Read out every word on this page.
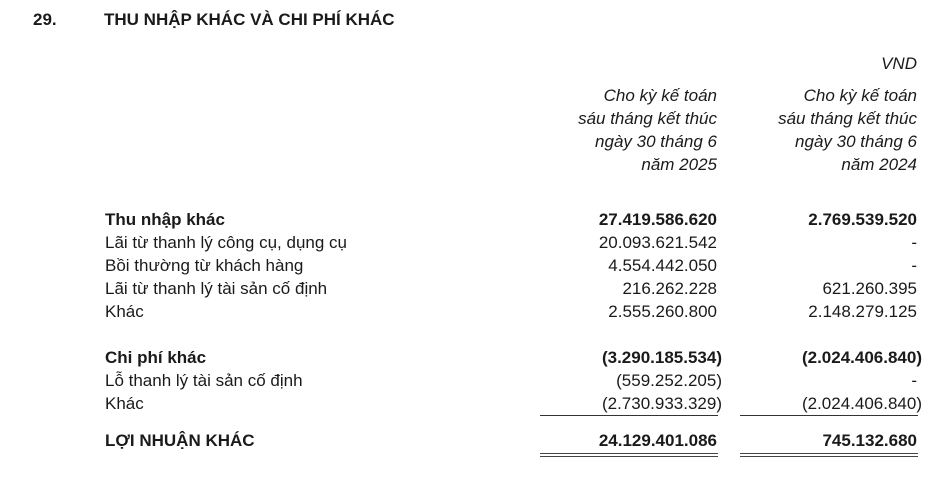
29.	THU NHẬP KHÁC VÀ CHI PHÍ KHÁC
VND
Cho kỳ kế toán
sáu tháng kết thúc
ngày 30 tháng 6
năm 2025
Cho kỳ kế toán
sáu tháng kết thúc
ngày 30 tháng 6
năm 2024
Thu nhập khác	27.419.586.620	2.769.539.520
Lãi từ thanh lý công cụ, dụng cụ	20.093.621.542	-
Bồi thường từ khách hàng	4.554.442.050	-
Lãi từ thanh lý tài sản cố định	216.262.228	621.260.395
Khác	2.555.260.800	2.148.279.125
Chi phí khác	(3.290.185.534)	(2.024.406.840)
Lỗ thanh lý tài sản cố định	(559.252.205)	-
Khác	(2.730.933.329)	(2.024.406.840)
LỢI NHUẬN KHÁC	24.129.401.086	745.132.680
